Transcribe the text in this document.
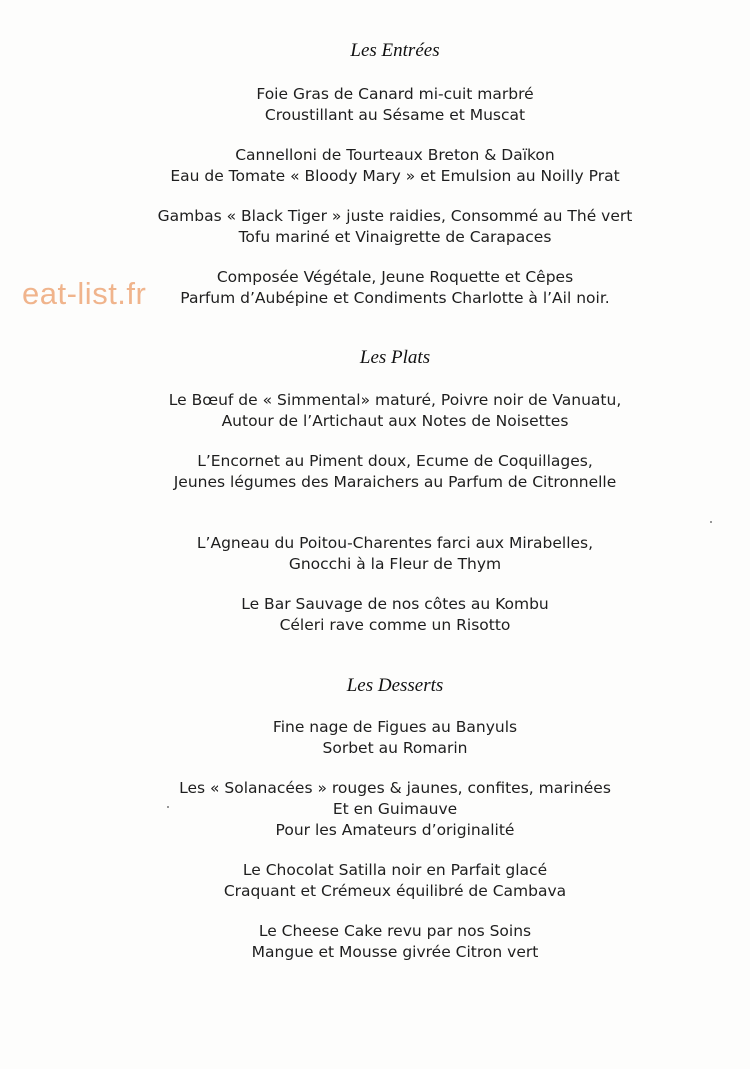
eat-list.fr
Les Entrées
Foie Gras de Canard mi-cuit marbré
Croustillant au Sésame et Muscat
Cannelloni de Tourteaux Breton & Daïkon
Eau de Tomate « Bloody Mary » et Emulsion au Noilly Prat
Gambas « Black Tiger » juste raidies, Consommé au Thé vert
Tofu mariné et Vinaigrette de Carapaces
Composée Végétale, Jeune Roquette et Cêpes
Parfum d’Aubépine et Condiments Charlotte à l’Ail noir.
Les Plats
Le Bœuf de « Simmental» maturé, Poivre noir de Vanuatu,
Autour de l’Artichaut aux Notes de Noisettes
L’Encornet au Piment doux, Ecume de Coquillages,
Jeunes légumes des Maraichers au Parfum de Citronnelle
L’Agneau du Poitou-Charentes farci aux Mirabelles,
Gnocchi à la Fleur de Thym
Le Bar Sauvage de nos côtes au Kombu
Céleri rave comme un Risotto
Les Desserts
Fine nage de Figues au Banyuls
Sorbet au Romarin
Les « Solanacées » rouges & jaunes, confites, marinées
Et en Guimauve
Pour les Amateurs d’originalité
Le Chocolat Satilla noir en Parfait glacé
Craquant et Crémeux équilibré de Cambava
Le Cheese Cake revu par nos Soins
Mangue et Mousse givrée Citron vert
